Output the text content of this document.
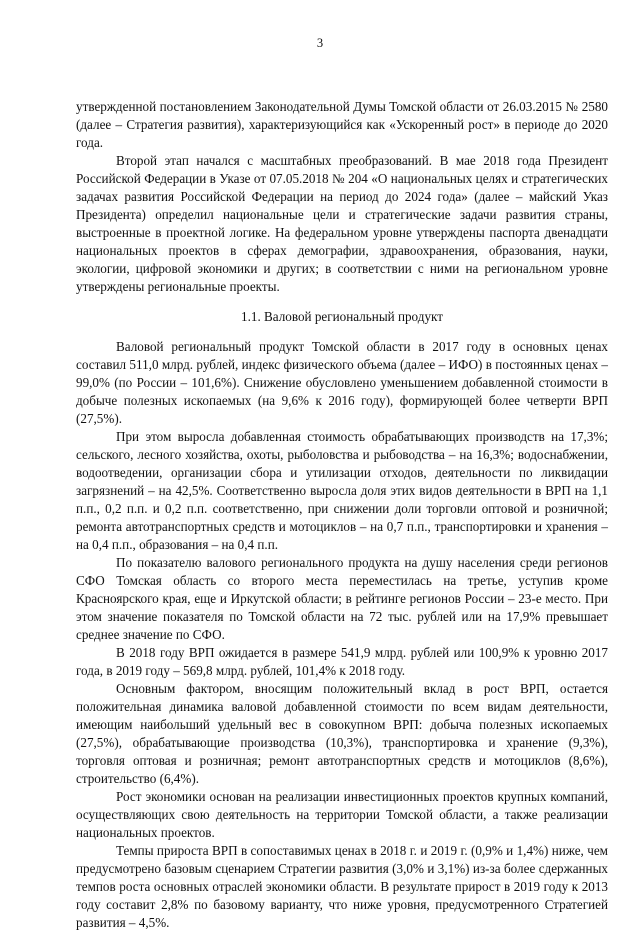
3

утвержденной постановлением Законодательной Думы Томской области от 26.03.2015 № 2580 (далее – Стратегия развития), характеризующийся как «Ускоренный рост» в периоде до 2020 года.

Второй этап начался с масштабных преобразований. В мае 2018 года Президент Российской Федерации в Указе от 07.05.2018 № 204 «О национальных целях и стратегических задачах развития Российской Федерации на период до 2024 года» (далее – майский Указ Президента) определил национальные цели и стратегические задачи развития страны, выстроенные в проектной логике. На федеральном уровне утверждены паспорта двенадцати национальных проектов в сферах демографии, здравоохранения, образования, науки, экологии, цифровой экономики и других; в соответствии с ними на региональном уровне утверждены региональные проекты.

1.1. Валовой региональный продукт

Валовой региональный продукт Томской области в 2017 году в основных ценах составил 511,0 млрд. рублей, индекс физического объема (далее – ИФО) в постоянных ценах – 99,0% (по России – 101,6%). Снижение обусловлено уменьшением добавленной стоимости в добыче полезных ископаемых (на 9,6% к 2016 году), формирующей более четверти ВРП (27,5%).

При этом выросла добавленная стоимость обрабатывающих производств на 17,3%; сельского, лесного хозяйства, охоты, рыболовства и рыбоводства – на 16,3%; водоснабжении, водоотведении, организации сбора и утилизации отходов, деятельности по ликвидации загрязнений – на 42,5%. Соответственно выросла доля этих видов деятельности в ВРП на 1,1 п.п., 0,2 п.п. и 0,2 п.п. соответственно, при снижении доли торговли оптовой и розничной; ремонта автотранспортных средств и мотоциклов – на 0,7 п.п., транспортировки и хранения – на 0,4 п.п., образования – на 0,4 п.п.

По показателю валового регионального продукта на душу населения среди регионов СФО Томская область со второго места переместилась на третье, уступив кроме Красноярского края, еще и Иркутской области; в рейтинге регионов России – 23-е место. При этом значение показателя по Томской области на 72 тыс. рублей или на 17,9% превышает среднее значение по СФО.

В 2018 году ВРП ожидается в размере 541,9 млрд. рублей или 100,9% к уровню 2017 года, в 2019 году – 569,8 млрд. рублей, 101,4% к 2018 году.

Основным фактором, вносящим положительный вклад в рост ВРП, остается положительная динамика валовой добавленной стоимости по всем видам деятельности, имеющим наибольший удельный вес в совокупном ВРП: добыча полезных ископаемых (27,5%), обрабатывающие производства (10,3%), транспортировка и хранение (9,3%), торговля оптовая и розничная; ремонт автотранспортных средств и мотоциклов (8,6%), строительство (6,4%).

Рост экономики основан на реализации инвестиционных проектов крупных компаний, осуществляющих свою деятельность на территории Томской области, а также реализации национальных проектов.

Темпы прироста ВРП в сопоставимых ценах в 2018 г. и 2019 г. (0,9% и 1,4%) ниже, чем предусмотрено базовым сценарием Стратегии развития (3,0% и 3,1%) из-за более сдержанных темпов роста основных отраслей экономики области. В результате прирост в 2019 году к 2013 году составит 2,8% по базовому варианту, что ниже уровня, предусмотренного Стратегией развития – 4,5%.
